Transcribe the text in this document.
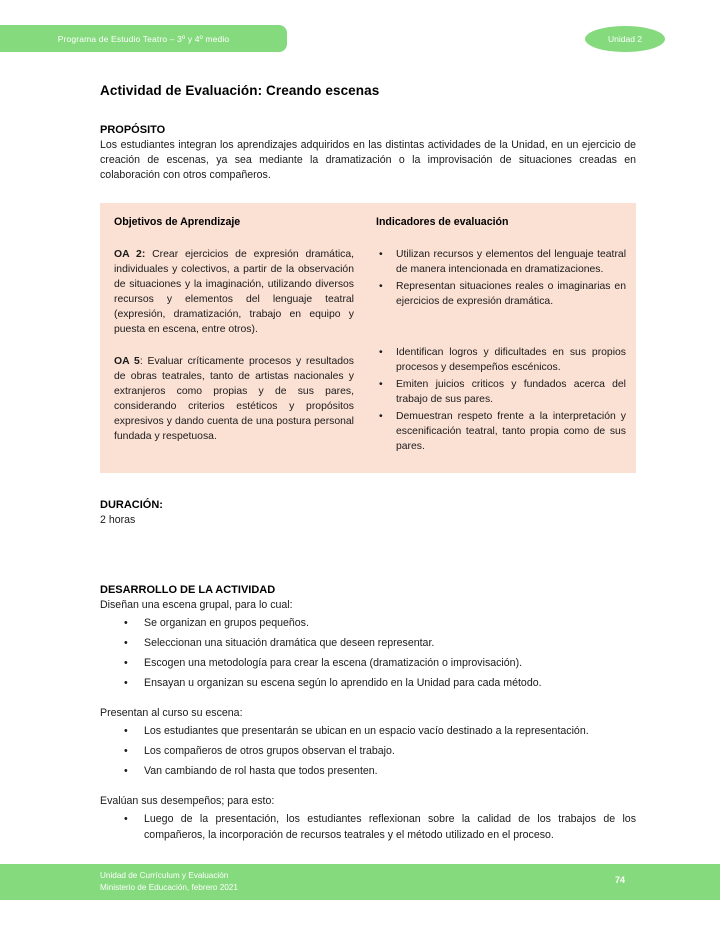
Programa de Estudio Teatro – 3º y 4º medio	Unidad 2
Actividad de Evaluación: Creando escenas
PROPÓSITO

Los estudiantes integran los aprendizajes adquiridos en las distintas actividades de la Unidad, en un ejercicio de creación de escenas, ya sea mediante la dramatización o la improvisación de situaciones creadas en colaboración con otros compañeros.

Objetivos de Aprendizaje

OA 2: Crear ejercicios de expresión dramática, individuales y colectivos, a partir de la observación de situaciones y la imaginación, utilizando diversos recursos y elementos del lenguaje teatral (expresión, dramatización, trabajo en equipo y puesta en escena, entre otros).

OA 5: Evaluar críticamente procesos y resultados de obras teatrales, tanto de artistas nacionales y extranjeros como propias y de sus pares, considerando criterios estéticos y propósitos expresivos y dando cuenta de una postura personal fundada y respetuosa.

Indicadores de evaluación
• Utilizan recursos y elementos del lenguaje teatral de manera intencionada en dramatizaciones.
• Representan situaciones reales o imaginarias en ejercicios de expresión dramática.
• Identifican logros y dificultades en sus propios procesos y desempeños escénicos.
• Emiten juicios criticos y fundados acerca del trabajo de sus pares.
• Demuestran respeto frente a la interpretación y escenificación teatral, tanto propia como de sus pares.
DURACIÓN:

2 horas

DESARROLLO DE LA ACTIVIDAD

Diseñan una escena grupal, para lo cual:

• Se organizan en grupos pequeños.
• Seleccionan una situación dramática que deseen representar.
• Escogen una metodología para crear la escena (dramatización o improvisación).
• Ensayan u organizan su escena según lo aprendido en la Unidad para cada método.

Presentan al curso su escena:

• Los estudiantes que presentarán se ubican en un espacio vacío destinado a la representación.
• Los compañeros de otros grupos observan el trabajo.
• Van cambiando de rol hasta que todos presenten.

Evalúan sus desempeños; para esto:

• Luego de la presentación, los estudiantes reflexionan sobre la calidad de los trabajos de los compañeros, la incorporación de recursos teatrales y el método utilizado en el proceso.
Unidad de Currículum y Evaluación
Ministerio de Educación, febrero 2021
74
